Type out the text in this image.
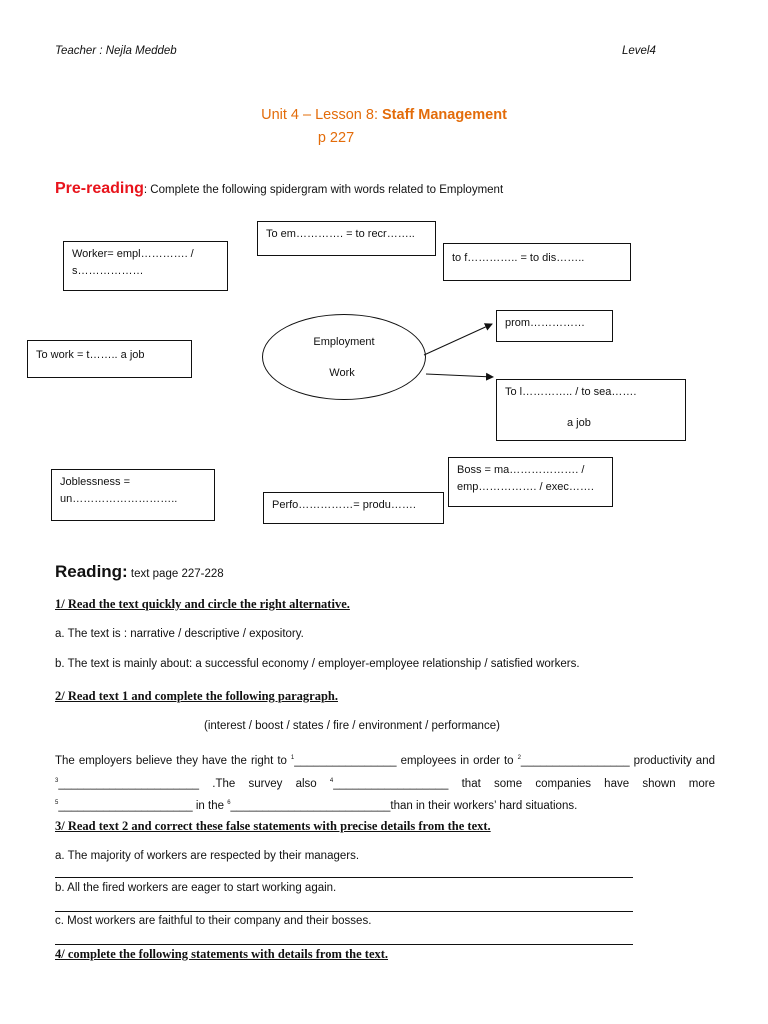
Teacher : Nejla Meddeb	Level4
Unit 4 – Lesson 8: Staff Management
p 227
Pre-reading: Complete the following spidergram with words related to Employment
To em…………. = to recr……..
Worker= empl…………. /
s………………
to f………….. = to dis……..
prom……………
To work = t…….. a job
Employment
Work
To l………….. / to sea…….
a job
Boss = ma………………. /
emp……………. / exec…….
Joblessness =
un………………………..	Perfo……………= produ…….
Reading: text page 227-228
1/ Read the text quickly and circle the right alternative.
a. The text is : narrative / descriptive / expository.
b. The text is mainly about: a successful economy / employer-employee relationship / satisfied workers.
2/ Read text 1 and complete the following paragraph.
(interest / boost / states / fire / environment / performance)
The employers believe they have the right to $^1$________________ employees in order to $^2$_________________ productivity and $^3$______________________ .The survey also $^4$__________________ that some companies have shown more $^5$_____________________ in the $^6$_________________________than in their workers’ hard situations.
3/ Read text 2 and correct these false statements with precise details from the text.
a. The majority of workers are respected by their managers.
b. All the fired workers are eager to start working again.
c. Most workers are faithful to their company and their bosses.
4/ complete the following statements with details from the text.
